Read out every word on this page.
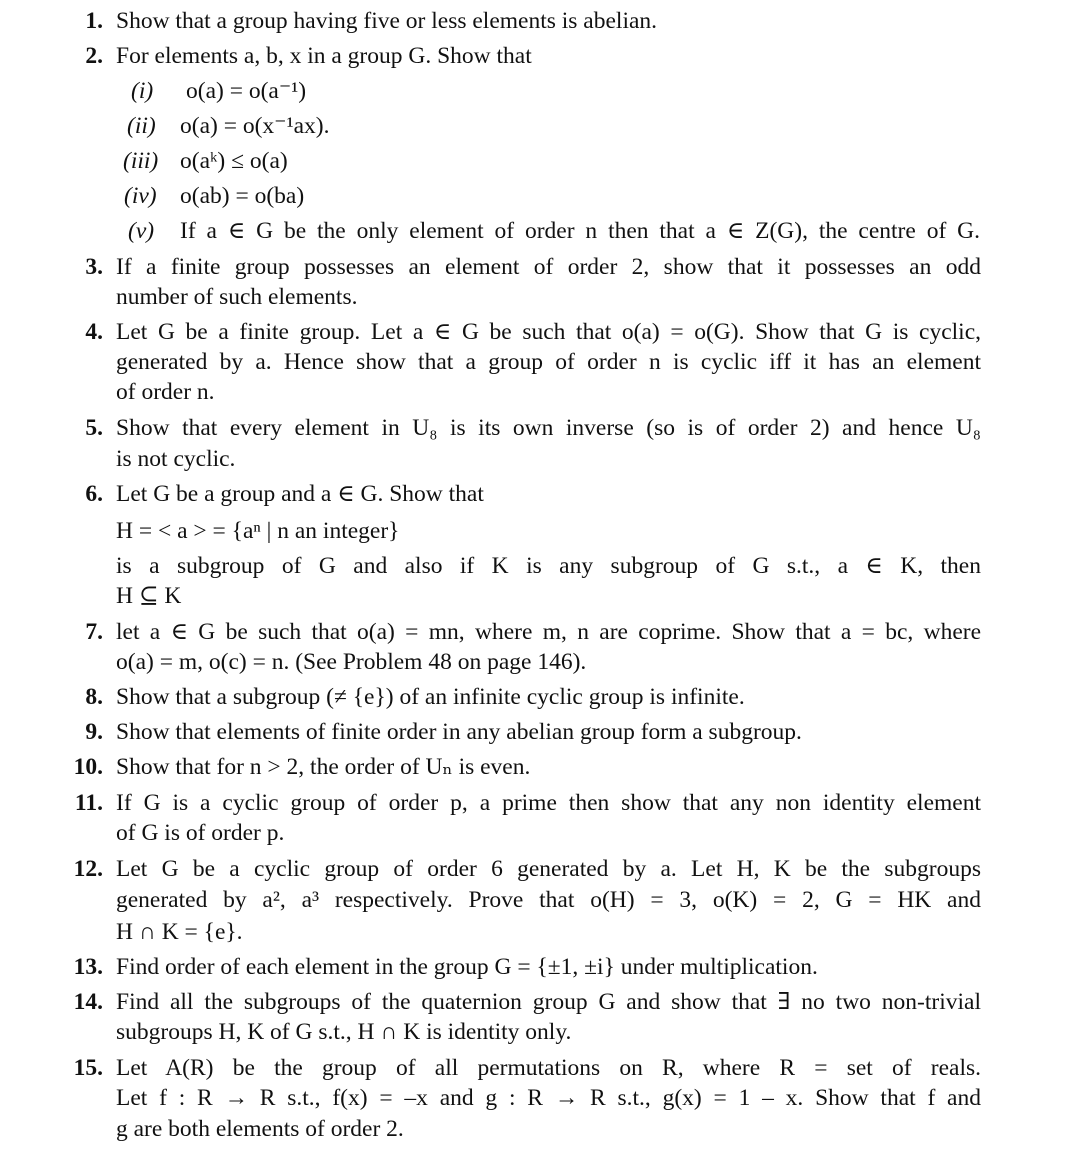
1. Show that a group having five or less elements is abelian.
2. For elements a, b, x in a group G. Show that
(i) o(a) = o(a⁻¹)
(ii) o(a) = o(x⁻¹ax).
(iii) o(aᵏ) ≤ o(a)
(iv) o(ab) = o(ba)
(v) If a ∈ G be the only element of order n then that a ∈ Z(G), the centre of G.
3. If a finite group possesses an element of order 2, show that it possesses an odd
number of such elements.
4. Let G be a finite group. Let a ∈ G be such that o(a) = o(G). Show that G is cyclic,
generated by a. Hence show that a group of order n is cyclic iff it has an element
of order n.
5. Show that every element in U₈ is its own inverse (so is of order 2) and hence U₈
is not cyclic.
6. Let G be a group and a ∈ G. Show that
H = < a > = {aⁿ | n an integer}
is a subgroup of G and also if K is any subgroup of G s.t., a ∈ K, then
H ⊆ K
7. let a ∈ G be such that o(a) = mn, where m, n are coprime. Show that a = bc, where
o(a) = m, o(c) = n. (See Problem 48 on page 146).
8. Show that a subgroup (≠ {e}) of an infinite cyclic group is infinite.
9. Show that elements of finite order in any abelian group form a subgroup.
10. Show that for n > 2, the order of Uₙ is even.
11. If G is a cyclic group of order p, a prime then show that any non identity element
of G is of order p.
12. Let G be a cyclic group of order 6 generated by a. Let H, K be the subgroups
generated by a², a³ respectively. Prove that o(H) = 3, o(K) = 2, G = HK and
H ∩ K = {e}.
13. Find order of each element in the group G = {±1, ±i} under multiplication.
14. Find all the subgroups of the quaternion group G and show that ∃ no two non-trivial
subgroups H, K of G s.t., H ∩ K is identity only.
15. Let A(R) be the group of all permutations on R, where R = set of reals.
Let f : R → R s.t., f(x) = –x and g : R → R s.t., g(x) = 1 – x. Show that f and
g are both elements of order 2.
